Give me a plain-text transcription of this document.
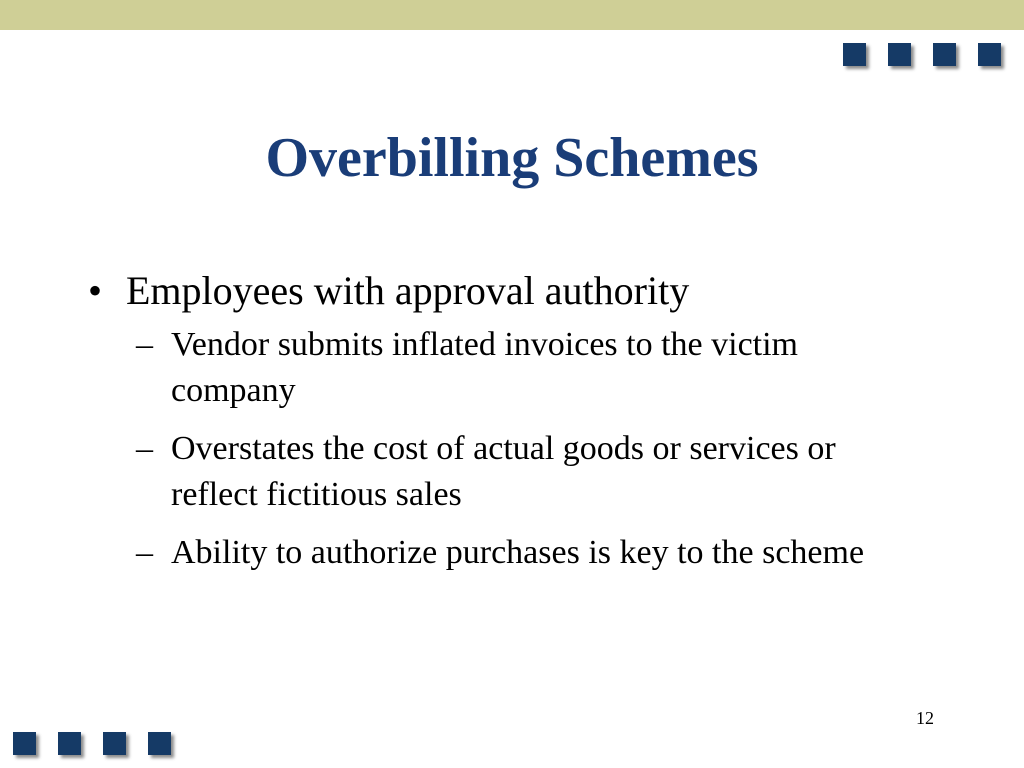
Overbilling Schemes
• Employees with approval authority
– Vendor submits inflated invoices to the victim company
– Overstates the cost of actual goods or services or reflect fictitious sales
– Ability to authorize purchases is key to the scheme
12
